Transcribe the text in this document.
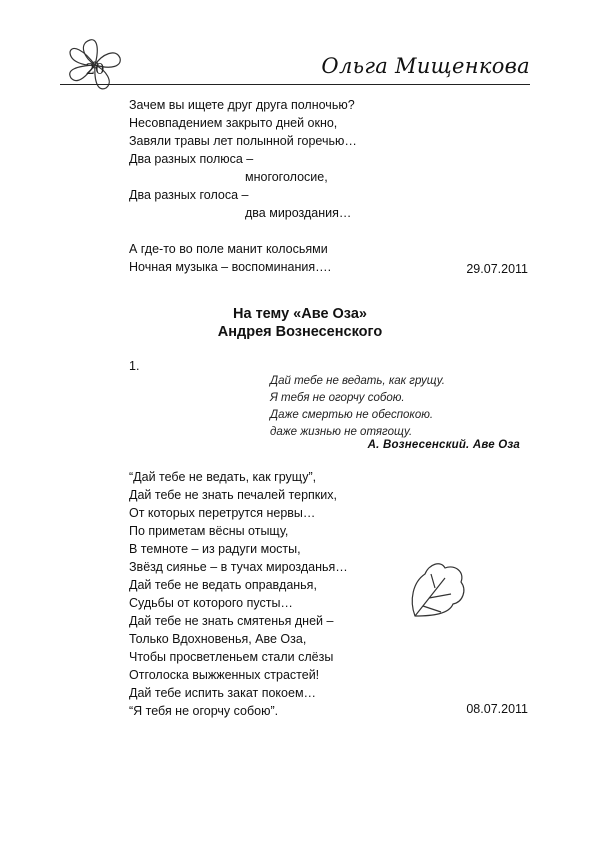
20	Ольга Мищенкова
Зачем вы ищете друг друга полночью?
Несовпадением закрыто дней окно,
Завяли травы лет полынной горечью…
Два разных полюса –
многоголосие,
Два разных голоса –
два мироздания…
А где-то во поле манит колосьями
Ночная музыка – воспоминания….	29.07.2011
На тему «Аве Оза»
Андрея Вознесенского
1.
Дай тебе не ведать, как грущу.
Я тебя не огорчу собою.
Даже смертью не обеспокою.
даже жизнью не отягощу.
А. Вознесенский. Аве Оза
“Дай тебе не ведать, как грущу”,
Дай тебе не знать печалей терпких,
От которых перетрутся нервы…
По приметам вёсны отыщу,
В темноте – из радуги мосты,
Звёзд сиянье – в тучах мирозданья…
Дай тебе не ведать оправданья,
Судьбы от которого пусты…
Дай тебе не знать смятенья дней –
Только Вдохновенья, Аве Оза,
Чтобы просветленьем стали слёзы
Отголоска выжженных страстей!
Дай тебе испить закат покоем…
“Я тебя не огорчу собою”.	08.07.2011
